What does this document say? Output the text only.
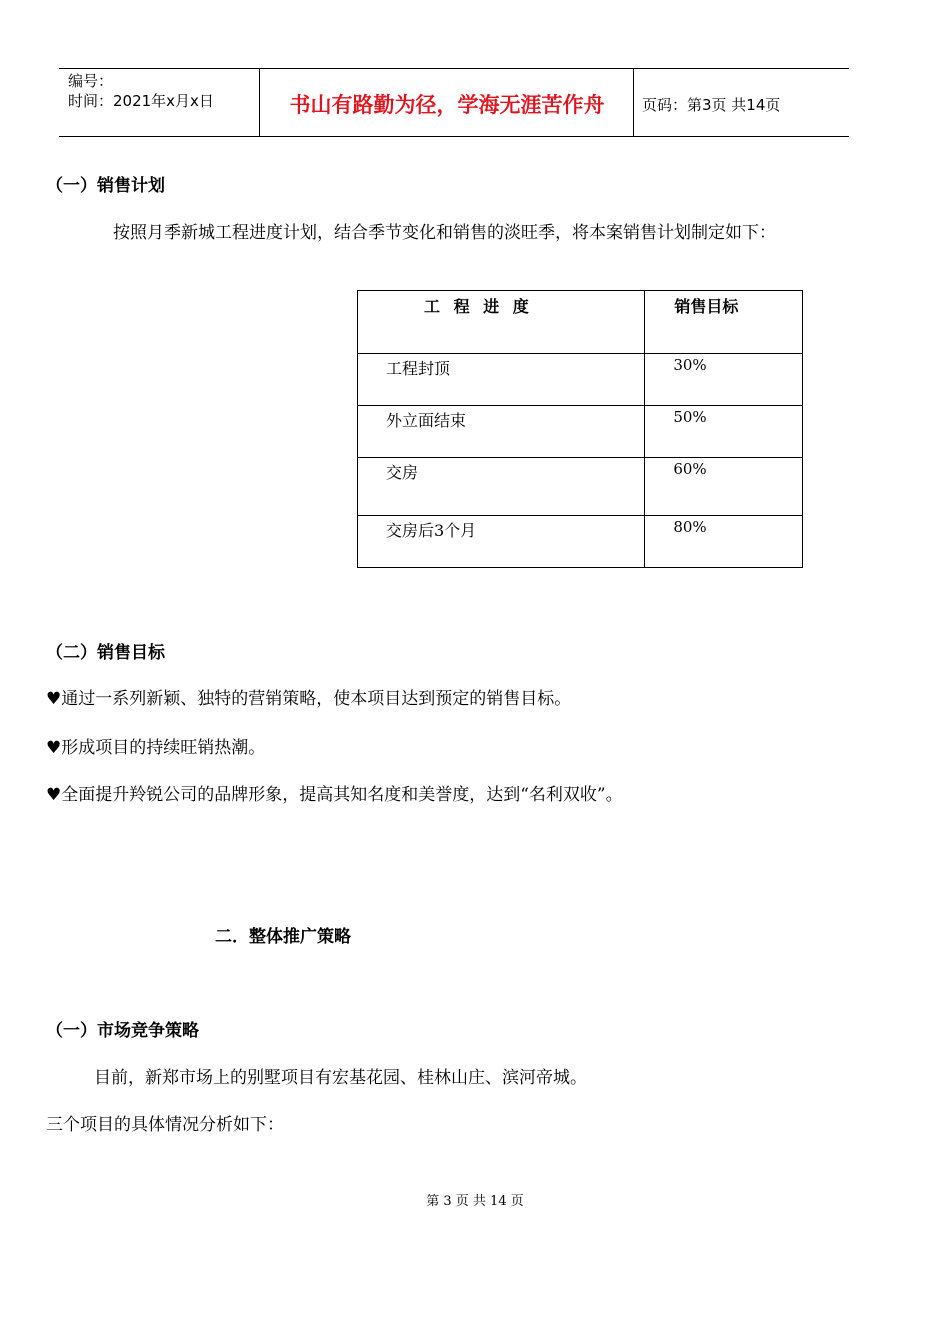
编号：
时间：2021年x月x日	书山有路勤为径，学海无涯苦作舟	页码：第3页 共14页
（一）销售计划
按照月季新城工程进度计划，结合季节变化和销售的淡旺季，将本案销售计划制定如下：
工 程 进 度	销售目标

工程封顶	30%

外立面结束	50%

交房	60%

交房后3个月	80%
（二）销售目标
♥通过一系列新颖、独特的营销策略，使本项目达到预定的销售目标。
♥形成项目的持续旺销热潮。
♥全面提升羚锐公司的品牌形象，提高其知名度和美誉度，达到“名利双收”。
二．整体推广策略
（一）市场竞争策略
目前，新郑市场上的别墅项目有宏基花园、桂林山庄、滨河帝城。
三个项目的具体情况分析如下：
第 3 页 共 14 页
